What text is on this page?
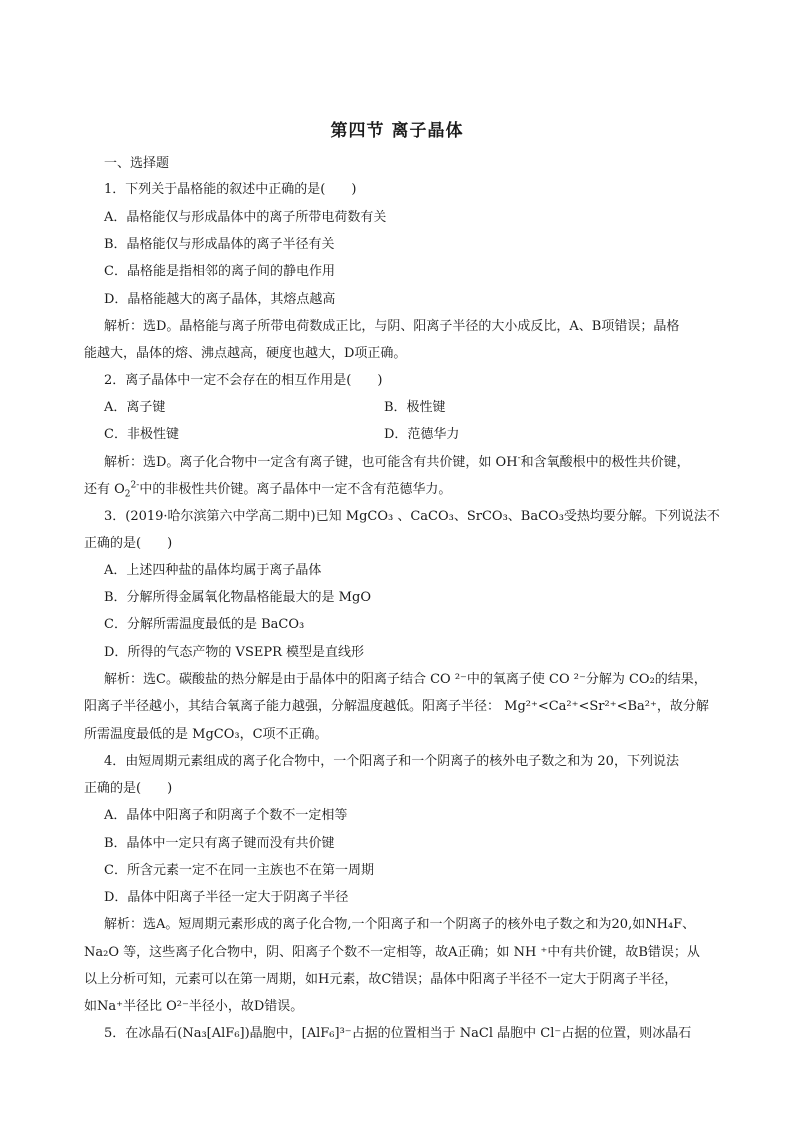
第四节 离子晶体
一、选择题
1．下列关于晶格能的叙述中正确的是(　　)
A．晶格能仅与形成晶体中的离子所带电荷数有关
B．晶格能仅与形成晶体的离子半径有关
C．晶格能是指相邻的离子间的静电作用
D．晶格能越大的离子晶体，其熔点越高
解析：选D。晶格能与离子所带电荷数成正比，与阴、阳离子半径的大小成反比，A、B项错误；晶格
能越大，晶体的熔、沸点越高，硬度也越大，D项正确。
2．离子晶体中一定不会存在的相互作用是(　　)
A．离子键	B．极性键
C．非极性键	D．范德华力
解析：选D。离子化合物中一定含有离子键，也可能含有共价键，如 OH-和含氧酸根中的极性共价键，
还有 $O_2^{2-}$中的非极性共价键。离子晶体中一定不含有范德华力。
3．(2019·哈尔滨第六中学高二期中)已知 MgCO₃ 、CaCO₃、SrCO₃、BaCO₃受热均要分解。下列说法不
正确的是(　　)
A．上述四种盐的晶体均属于离子晶体
B．分解所得金属氧化物晶格能最大的是 MgO
C．分解所需温度最低的是 BaCO₃
D．所得的气态产物的 VSEPR 模型是直线形
解析：选C。碳酸盐的热分解是由于晶体中的阳离子结合 CO ²⁻中的氧离子使 CO ²⁻分解为 CO₂的结果，
阳离子半径越小，其结合氧离子能力越强，分解温度越低。阳离子半径： Mg²⁺<Ca²⁺<Sr²⁺<Ba²⁺，故分解
所需温度最低的是 MgCO₃，C项不正确。
4．由短周期元素组成的离子化合物中，一个阳离子和一个阴离子的核外电子数之和为 20，下列说法
正确的是(　　)
A．晶体中阳离子和阴离子个数不一定相等
B．晶体中一定只有离子键而没有共价键
C．所含元素一定不在同一主族也不在第一周期
D．晶体中阳离子半径一定大于阴离子半径
解析：选A。短周期元素形成的离子化合物,一个阳离子和一个阴离子的核外电子数之和为20,如NH₄F、
Na₂O 等，这些离子化合物中，阴、阳离子个数不一定相等，故A正确；如 NH ⁺中有共价键，故B错误；从
以上分析可知，元素可以在第一周期，如H元素，故C错误；晶体中阳离子半径不一定大于阴离子半径，
如Na⁺半径比 O²⁻半径小，故D错误。
5．在冰晶石(Na₃[AlF₆])晶胞中，[AlF₆]³⁻占据的位置相当于 NaCl 晶胞中 Cl⁻占据的位置，则冰晶石
